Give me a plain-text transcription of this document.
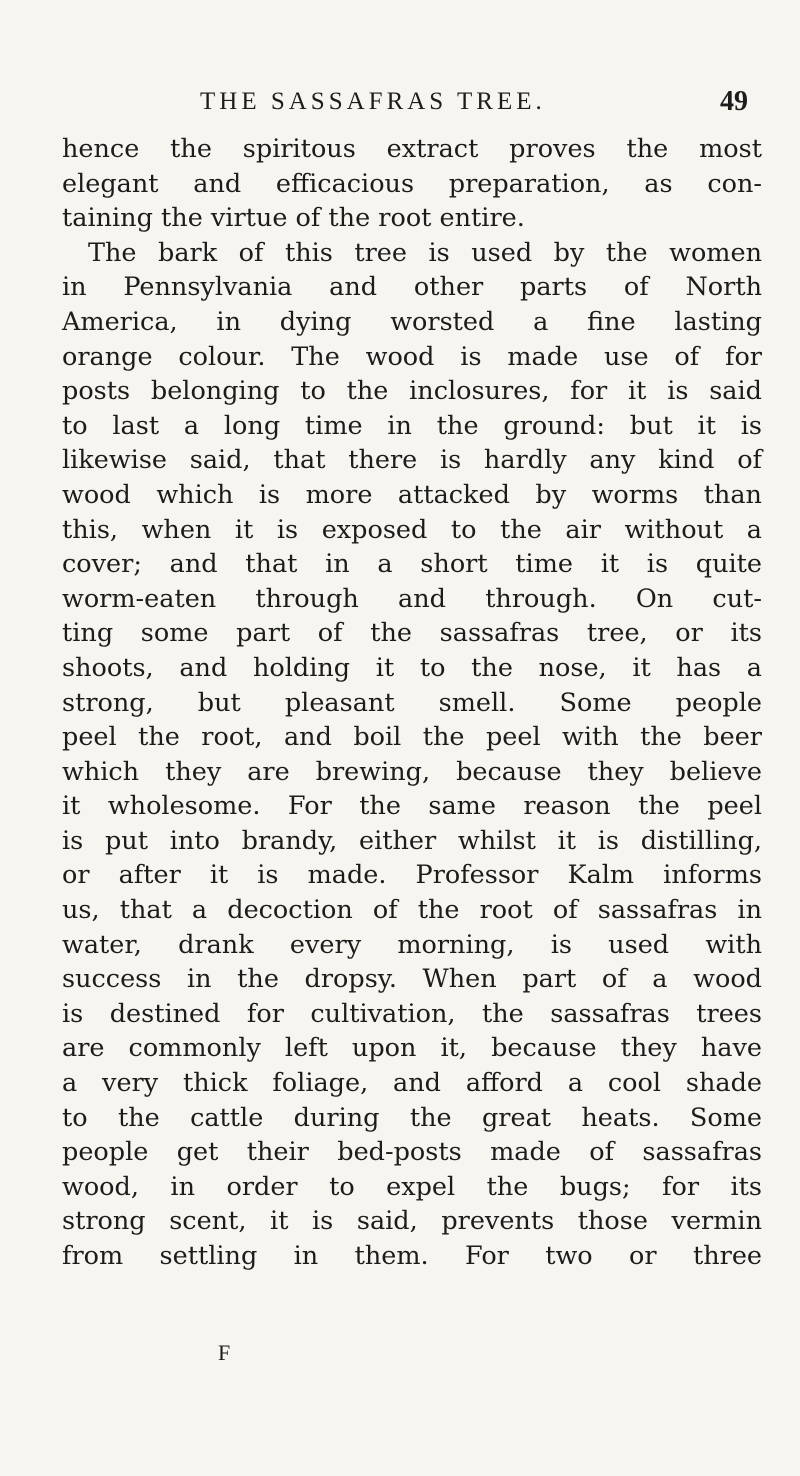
THE SASSAFRAS TREE.	49
hence the spiritous extract proves the most
elegant and efficacious preparation, as con-
taining the virtue of the root entire.
The bark of this tree is used by the women
in Pennsylvania and other parts of North
America, in dying worsted a fine lasting
orange colour. The wood is made use of for
posts belonging to the inclosures, for it is said
to last a long time in the ground: but it is
likewise said, that there is hardly any kind of
wood which is more attacked by worms than
this, when it is exposed to the air without a
cover; and that in a short time it is quite
worm-eaten through and through. On cut-
ting some part of the sassafras tree, or its
shoots, and holding it to the nose, it has a
strong, but pleasant smell. Some people
peel the root, and boil the peel with the beer
which they are brewing, because they believe
it wholesome. For the same reason the peel
is put into brandy, either whilst it is distilling,
or after it is made. Professor Kalm informs
us, that a decoction of the root of sassafras in
water, drank every morning, is used with
success in the dropsy. When part of a wood
is destined for cultivation, the sassafras trees
are commonly left upon it, because they have
a very thick foliage, and afford a cool shade
to the cattle during the great heats. Some
people get their bed-posts made of sassafras
wood, in order to expel the bugs; for its
strong scent, it is said, prevents those vermin
from settling in them. For two or three
F
